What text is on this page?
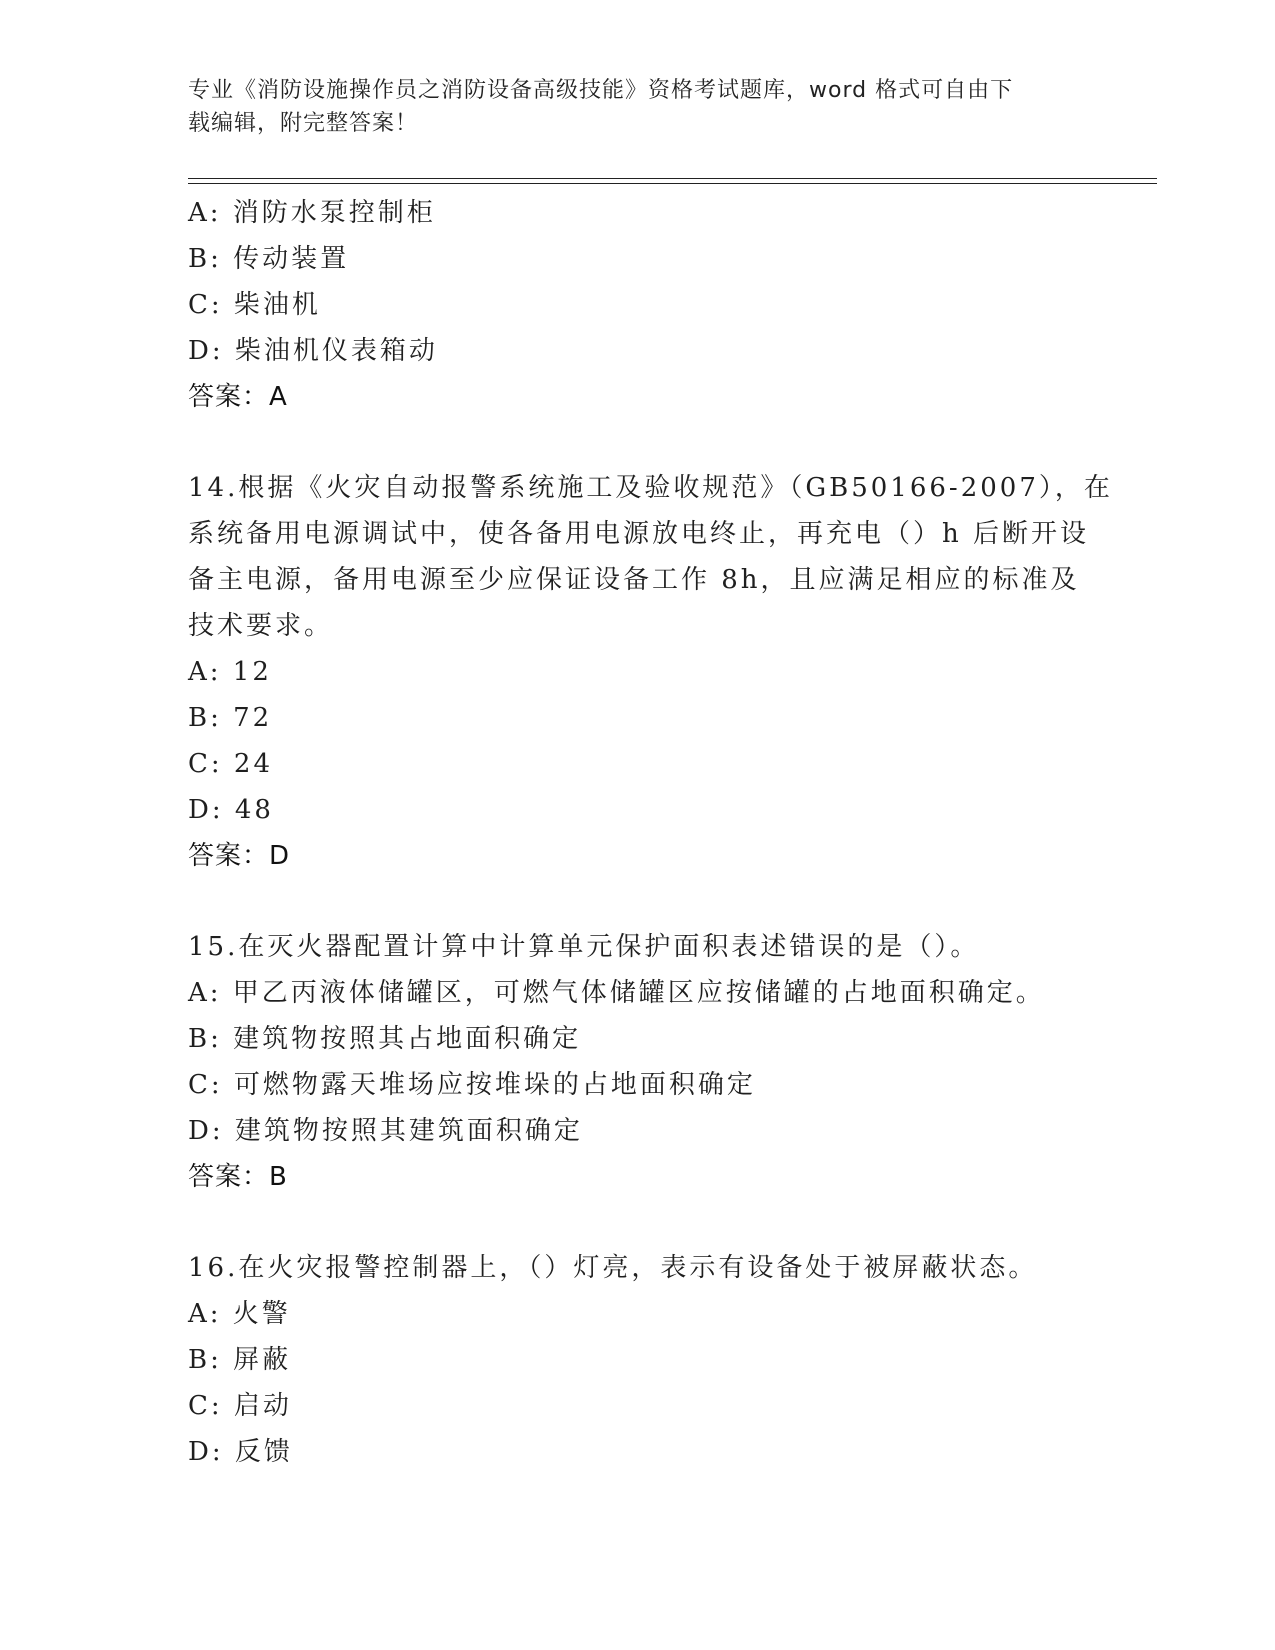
专业《消防设施操作员之消防设备高级技能》资格考试题库，word 格式可自由下
载编辑，附完整答案！
A: 消防水泵控制柜
B: 传动装置
C: 柴油机
D: 柴油机仪表箱动
答案：A
14.根据《火灾自动报警系统施工及验收规范》（GB50166-2007），在
系统备用电源调试中，使各备用电源放电终止，再充电（）h 后断开设
备主电源，备用电源至少应保证设备工作 8h，且应满足相应的标准及
技术要求。
A: 12
B: 72
C: 24
D: 48
答案：D
15.在灭火器配置计算中计算单元保护面积表述错误的是（）。
A: 甲乙丙液体储罐区，可燃气体储罐区应按储罐的占地面积确定。
B: 建筑物按照其占地面积确定
C: 可燃物露天堆场应按堆垛的占地面积确定
D: 建筑物按照其建筑面积确定
答案：B
16.在火灾报警控制器上，（）灯亮，表示有设备处于被屏蔽状态。
A: 火警
B: 屏蔽
C: 启动
D: 反馈
